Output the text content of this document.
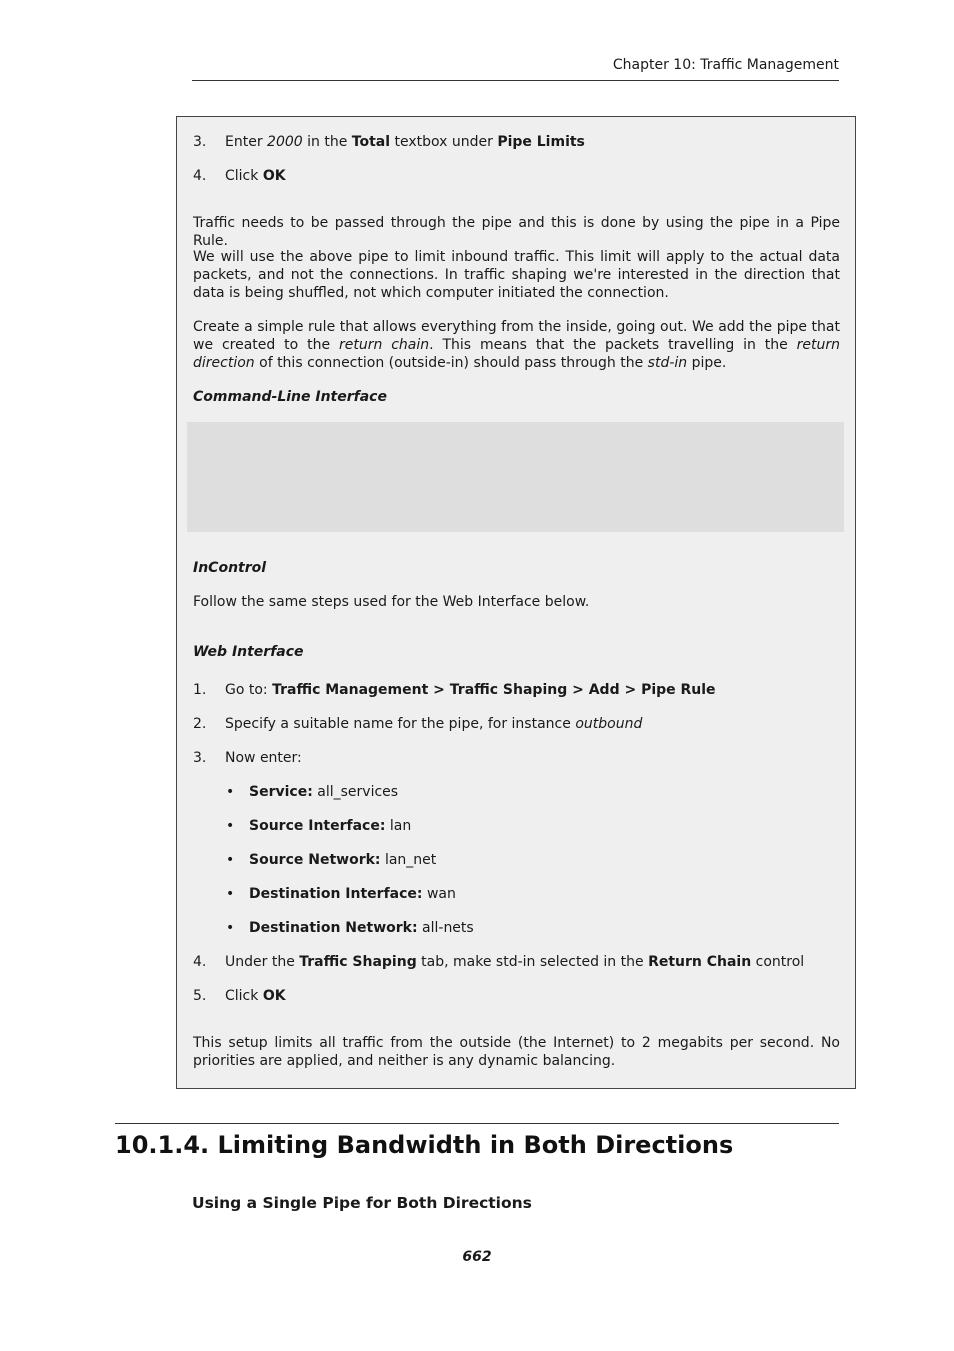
Chapter 10: Traffic Management
3. Enter 2000 in the Total textbox under Pipe Limits
4. Click OK
Traffic needs to be passed through the pipe and this is done by using the pipe in a Pipe Rule.
We will use the above pipe to limit inbound traffic. This limit will apply to the actual data packets, and not the connections. In traffic shaping we're interested in the direction that data is being shuffled, not which computer initiated the connection.
Create a simple rule that allows everything from the inside, going out. We add the pipe that we created to the return chain. This means that the packets travelling in the return direction of this connection (outside-in) should pass through the std-in pipe.
Command-Line Interface
InControl
Follow the same steps used for the Web Interface below.
Web Interface
1. Go to: Traffic Management > Traffic Shaping > Add > Pipe Rule
2. Specify a suitable name for the pipe, for instance outbound
3. Now enter:
• Service: all_services
• Source Interface: lan
• Source Network: lan_net
• Destination Interface: wan
• Destination Network: all-nets
4. Under the Traffic Shaping tab, make std-in selected in the Return Chain control
5. Click OK
This setup limits all traffic from the outside (the Internet) to 2 megabits per second. No priorities are applied, and neither is any dynamic balancing.
10.1.4. Limiting Bandwidth in Both Directions
Using a Single Pipe for Both Directions
662
